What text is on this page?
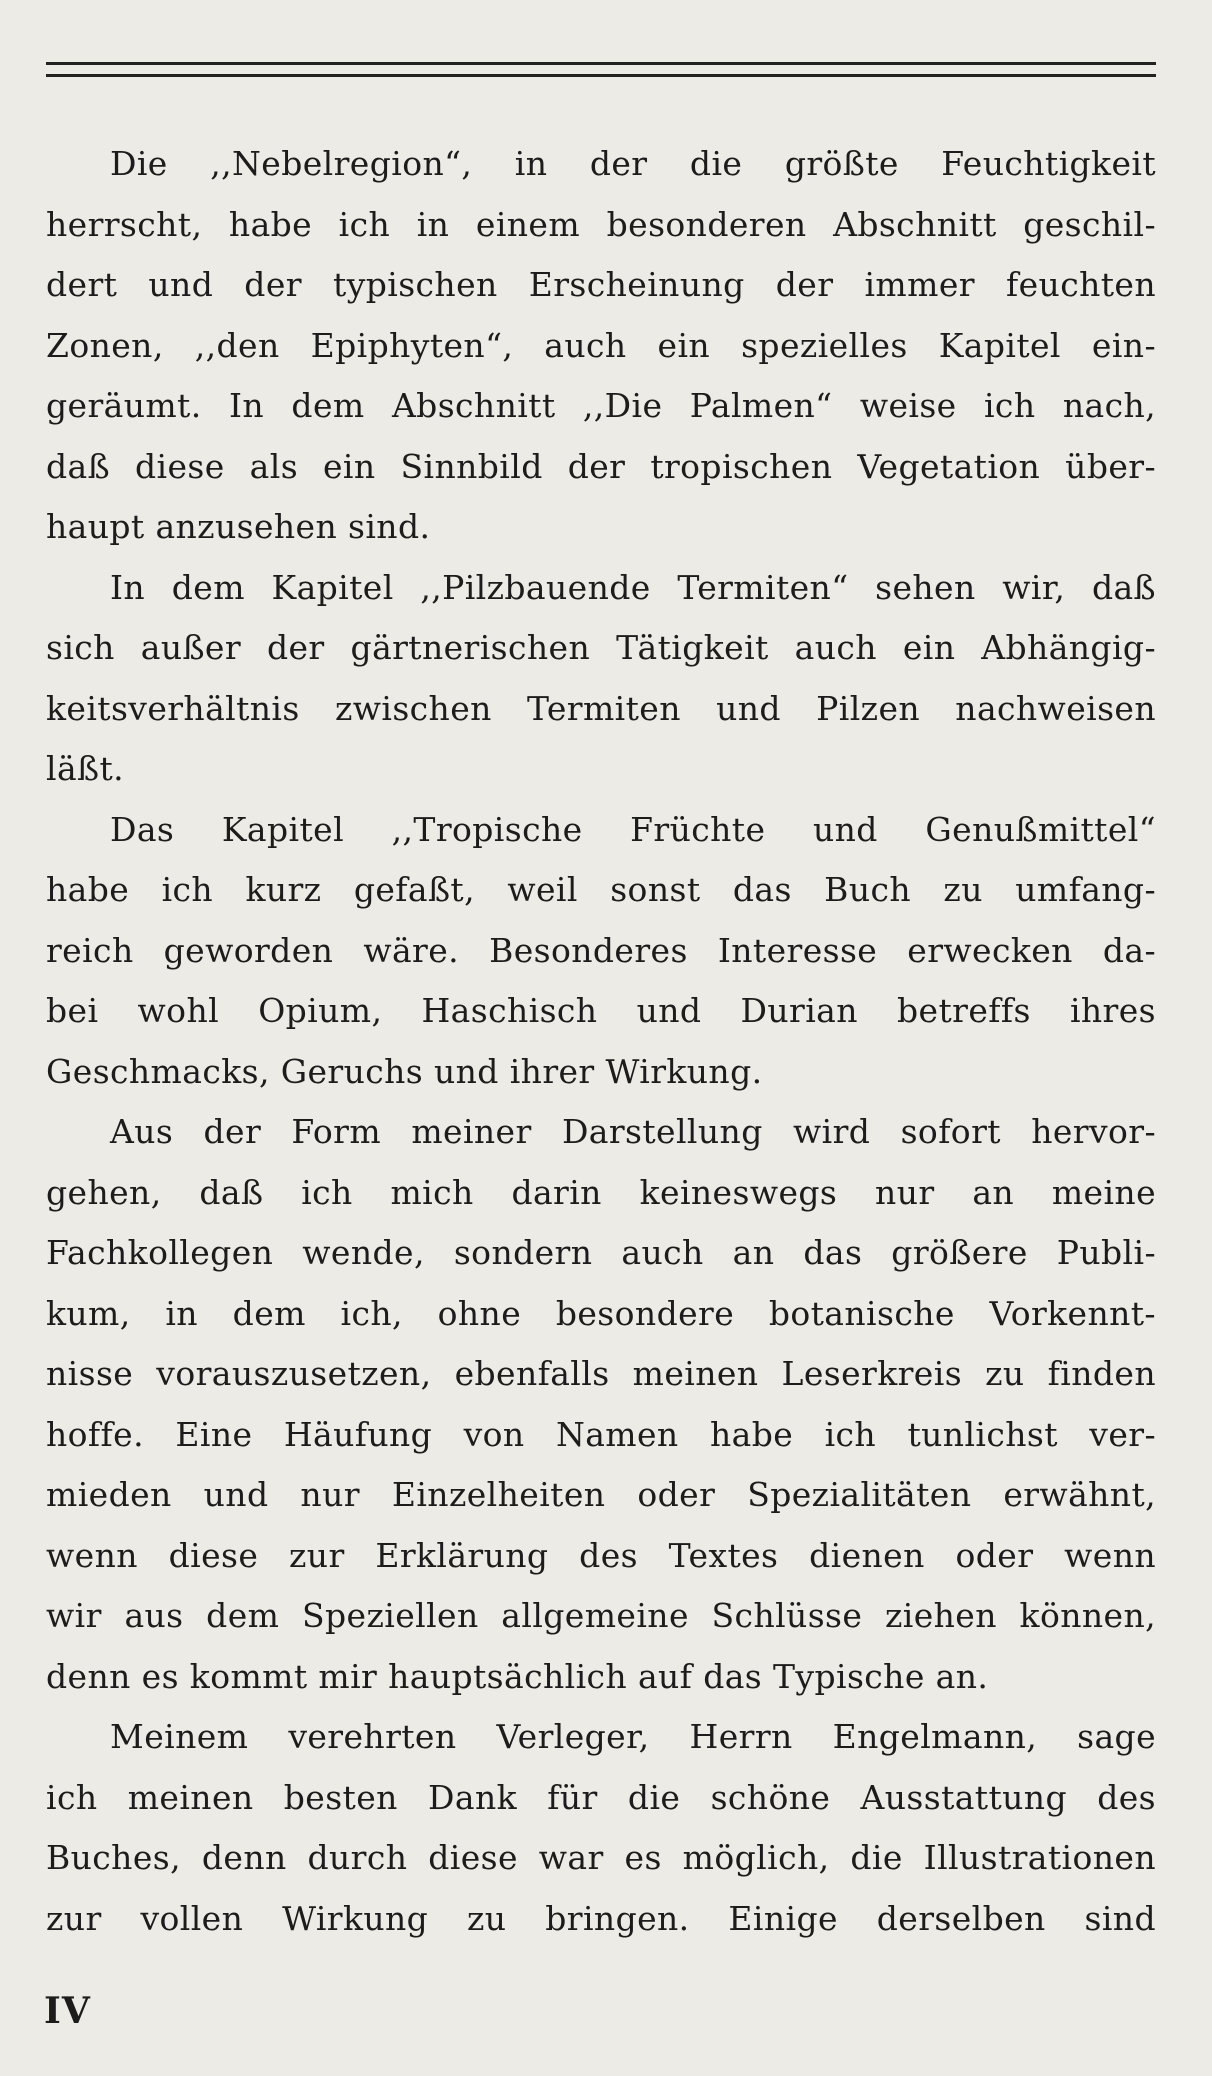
Die ,,Nebelregion“, in der die größte Feuchtigkeit
herrscht, habe ich in einem besonderen Abschnitt geschil-
dert und der typischen Erscheinung der immer feuchten
Zonen, ,,den Epiphyten“, auch ein spezielles Kapitel ein-
geräumt. In dem Abschnitt ,,Die Palmen“ weise ich nach,
daß diese als ein Sinnbild der tropischen Vegetation über-
haupt anzusehen sind.
In dem Kapitel ,,Pilzbauende Termiten“ sehen wir, daß
sich außer der gärtnerischen Tätigkeit auch ein Abhängig-
keitsverhältnis zwischen Termiten und Pilzen nachweisen
läßt.
Das Kapitel ,,Tropische Früchte und Genußmittel“
habe ich kurz gefaßt, weil sonst das Buch zu umfang-
reich geworden wäre. Besonderes Interesse erwecken da-
bei wohl Opium, Haschisch und Durian betreffs ihres
Geschmacks, Geruchs und ihrer Wirkung.
Aus der Form meiner Darstellung wird sofort hervor-
gehen, daß ich mich darin keineswegs nur an meine
Fachkollegen wende, sondern auch an das größere Publi-
kum, in dem ich, ohne besondere botanische Vorkennt-
nisse vorauszusetzen, ebenfalls meinen Leserkreis zu finden
hoffe. Eine Häufung von Namen habe ich tunlichst ver-
mieden und nur Einzelheiten oder Spezialitäten erwähnt,
wenn diese zur Erklärung des Textes dienen oder wenn
wir aus dem Speziellen allgemeine Schlüsse ziehen können,
denn es kommt mir hauptsächlich auf das Typische an.
Meinem verehrten Verleger, Herrn Engelmann, sage
ich meinen besten Dank für die schöne Ausstattung des
Buches, denn durch diese war es möglich, die Illustrationen
zur vollen Wirkung zu bringen. Einige derselben sind
IV
